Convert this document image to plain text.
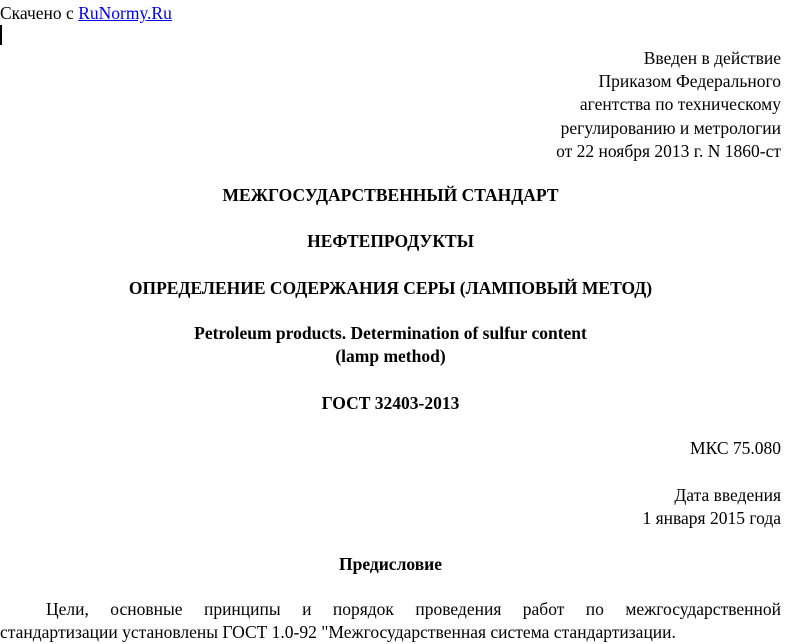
Скачено с RuNormy.Ru
Введен в действие
Приказом Федерального
агентства по техническому
регулированию и метрологии
от 22 ноября 2013 г. N 1860-ст
МЕЖГОСУДАРСТВЕННЫЙ СТАНДАРТ
НЕФТЕПРОДУКТЫ
ОПРЕДЕЛЕНИЕ СОДЕРЖАНИЯ СЕРЫ (ЛАМПОВЫЙ МЕТОД)
Petroleum products. Determination of sulfur content
(lamp method)
ГОСТ 32403-2013
МКС 75.080
Дата введения
1 января 2015 года
Предисловие
Цели, основные принципы и порядок проведения работ по межгосударственной
стандартизации установлены ГОСТ 1.0-92 "Межгосударственная система стандартизации.
